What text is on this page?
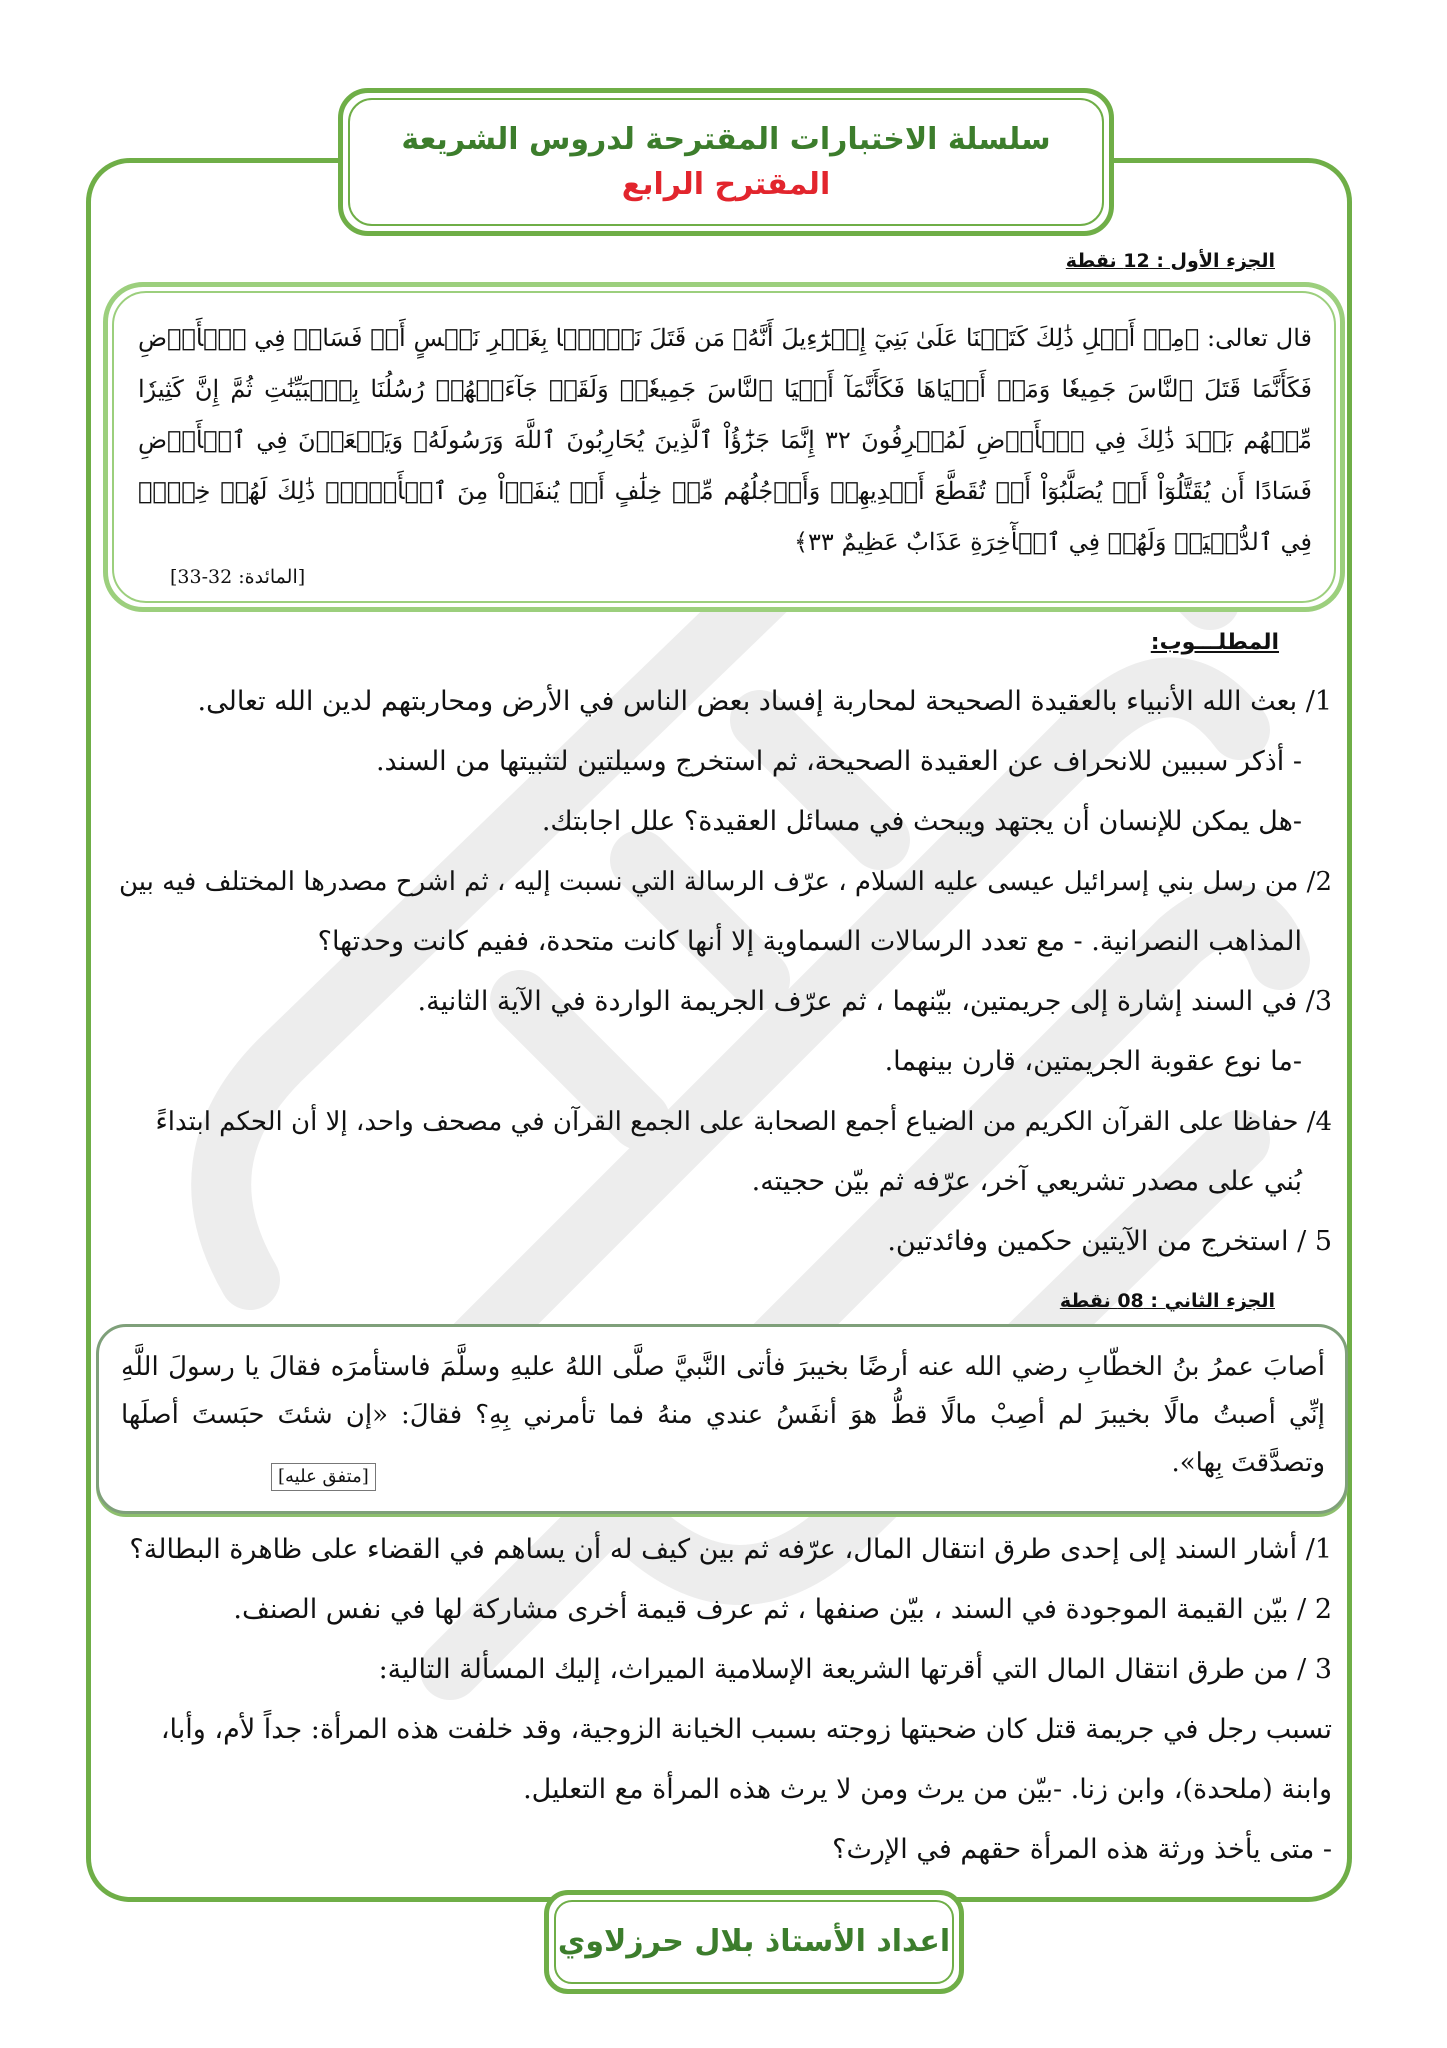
سلسلة الاختبارات المقترحة لدروس الشريعة
المقترح الرابع
الجزء الأول : 12 نقطة

قال تعالى: ﴿مِنۡ أَجۡلِ ذَٰلِكَ كَتَبۡنَا عَلَىٰ بَنِيٓ إِسۡرَٰٓءِيلَ أَنَّهُۥ مَن قَتَلَ نَفۡسَۢا بِغَيۡرِ نَفۡسٍ أَوۡ فَسَادٖ فِي ٱلۡأَرۡضِ فَكَأَنَّمَا قَتَلَ ٱلنَّاسَ جَمِيعٗا وَمَنۡ أَحۡيَاهَا فَكَأَنَّمَآ أَحۡيَا ٱلنَّاسَ جَمِيعٗاۚ وَلَقَدۡ جَآءَتۡهُمۡ رُسُلُنَا بِٱلۡبَيِّنَٰتِ ثُمَّ إِنَّ كَثِيرٗا مِّنۡهُم بَعۡدَ ذَٰلِكَ فِي ٱلۡأَرۡضِ لَمُسۡرِفُونَ ٣٢ إِنَّمَا جَزَٰٓؤُاْ ٱلَّذِينَ يُحَارِبُونَ ٱللَّهَ وَرَسُولَهُۥ وَيَسۡعَوۡنَ فِي ٱلۡأَرۡضِ فَسَادًا أَن يُقَتَّلُوٓاْ أَوۡ يُصَلَّبُوٓاْ أَوۡ تُقَطَّعَ أَيۡدِيهِمۡ وَأَرۡجُلُهُم مِّنۡ خِلَٰفٍ أَوۡ يُنفَوۡاْ مِنَ ٱلۡأَرۡضِۚ ذَٰلِكَ لَهُمۡ خِزۡيٞ فِي ٱلدُّنۡيَاۖ وَلَهُمۡ فِي ٱلۡأٓخِرَةِ عَذَابٌ عَظِيمٌ ٣٣﴾

[المائدة: 32-33]
المطلـــوب:
1/ بعث الله الأنبياء بالعقيدة الصحيحة لمحاربة إفساد بعض الناس في الأرض ومحاربتهم لدين الله تعالى.
- أذكر سببين للانحراف عن العقيدة الصحيحة، ثم استخرج وسيلتين لتثبيتها من السند.
-هل يمكن للإنسان أن يجتهد ويبحث في مسائل العقيدة؟ علل اجابتك.
2/ من رسل بني إسرائيل عيسى عليه السلام ، عرّف الرسالة التي نسبت إليه ، ثم اشرح مصدرها المختلف فيه بين
المذاهب النصرانية. - مع تعدد الرسالات السماوية إلا أنها كانت متحدة، ففيم كانت وحدتها؟
3/ في السند إشارة إلى جريمتين، بيّنهما ، ثم عرّف الجريمة الواردة في الآية الثانية.
-ما نوع عقوبة الجريمتين، قارن بينهما.
4/ حفاظا على القرآن الكريم من الضياع أجمع الصحابة على الجمع القرآن في مصحف واحد، إلا أن الحكم ابتداءً
بُني على مصدر تشريعي آخر، عرّفه ثم بيّن حجيته.
5 / استخرج من الآيتين حكمين وفائدتين.
الجزء الثاني : 08 نقطة

أصابَ عمرُ بنُ الخطّابِ رضي الله عنه أرضًا بخيبرَ فأتى النَّبيَّ صلَّى اللهُ عليهِ وسلَّمَ فاستأمرَه فقالَ يا رسولَ اللَّهِ إنِّي أصبتُ مالًا بخيبرَ لم أصِبْ مالًا قطُّ هوَ أنفَسُ عندي منهُ فما تأمرني بِهِ؟ فقالَ: «إن شئتَ حبَستَ أصلَها وتصدَّقتَ بِها».

[متفق عليه]
1/ أشار السند إلى إحدى طرق انتقال المال، عرّفه ثم بين كيف له أن يساهم في القضاء على ظاهرة البطالة؟
2 / بيّن القيمة الموجودة في السند ، بيّن صنفها ، ثم عرف قيمة أخرى مشاركة لها في نفس الصنف.
3 / من طرق انتقال المال التي أقرتها الشريعة الإسلامية الميراث، إليك المسألة التالية:
تسبب رجل في جريمة قتل كان ضحيتها زوجته بسبب الخيانة الزوجية، وقد خلفت هذه المرأة: جداً لأم، وأبا،
وابنة (ملحدة)، وابن زنا. -بيّن من يرث ومن لا يرث هذه المرأة مع التعليل.
- متى يأخذ ورثة هذه المرأة حقهم في الإرث؟
اعداد الأستاذ بلال حرزلاوي
